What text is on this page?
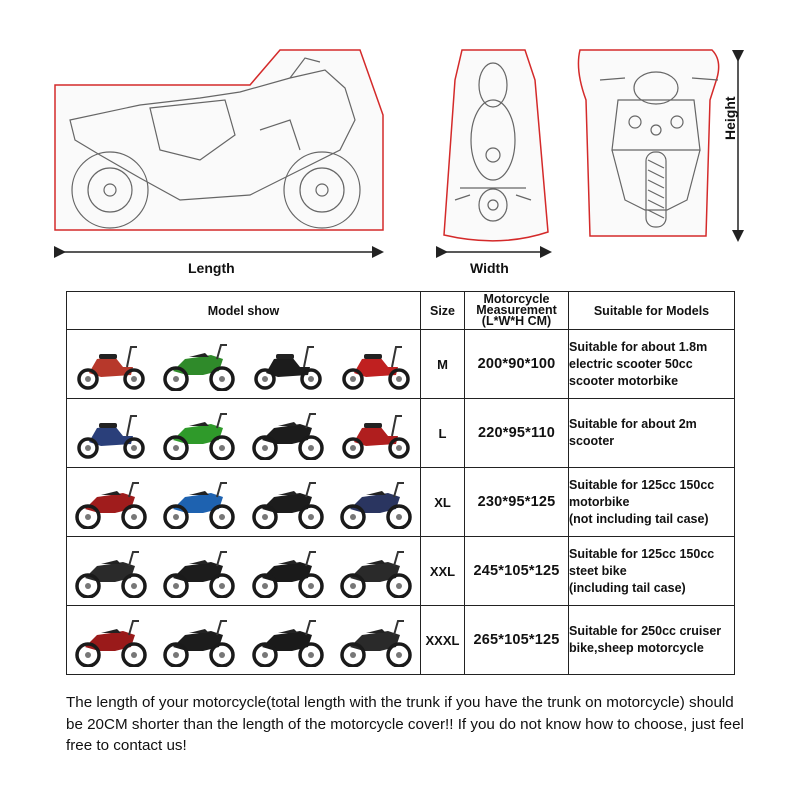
Length	Width
Height
Model show	Size	Motorcycle Measurement (L*W*H CM)	Suitable for Models

	M	200*90*100	Suitable for about 1.8m
electric scooter 50cc
scooter motorbike

	L	220*95*110	Suitable for about 2m
scooter

	XL	230*95*125	Suitable for 125cc 150cc
motorbike
(not including tail case)

	XXL	245*105*125	Suitable for 125cc 150cc
steet bike
(including tail case)

	XXXL	265*105*125	Suitable for 250cc cruiser
bike,sheep motorcycle
The length of your motorcycle(total length with the trunk if you have the trunk on motorcycle) should be 20CM shorter than the length of the motorcycle cover!! If you do not know how to choose, just feel free to contact us!
